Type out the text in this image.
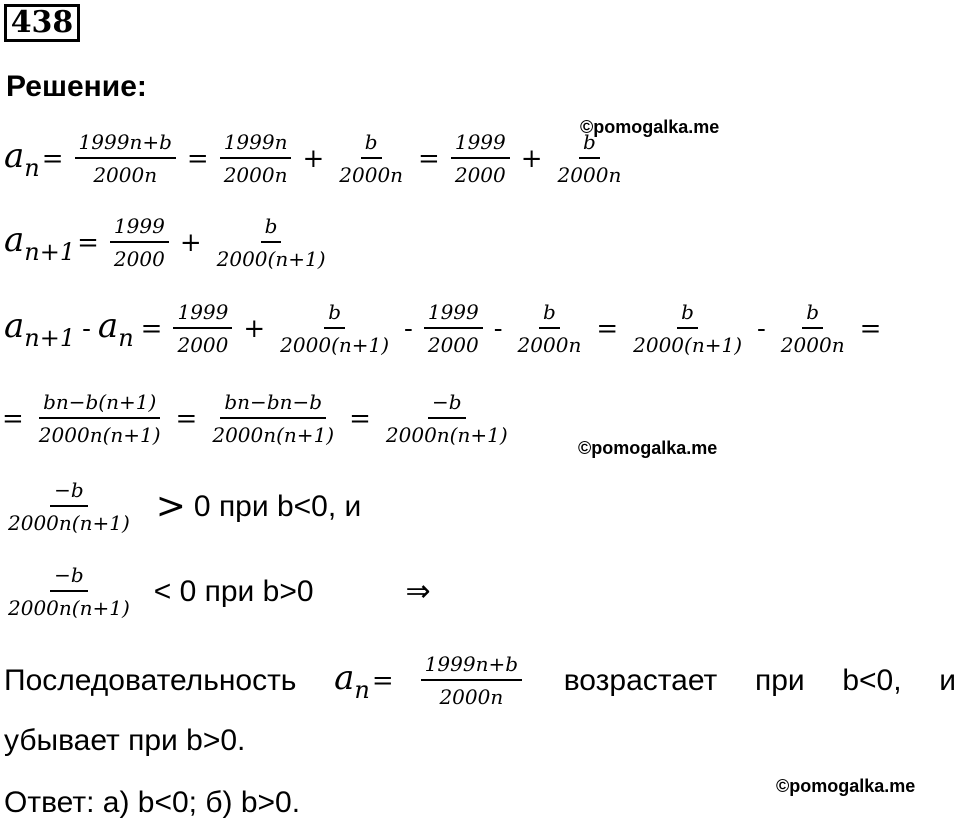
438
Решение:
©pomogalka.me
©pomogalka.me
©pomogalka.me
$a_n = \frac{1999n+b}{2000n} = \frac{1999n}{2000n} + \frac{b}{2000n} = \frac{1999}{2000} + \frac{b}{2000n}$
$a_{n+1} = \frac{1999}{2000} + \frac{b}{2000(n+1)}$
$a_{n+1} - a_n = \frac{1999}{2000} + \frac{b}{2000(n+1)} - \frac{1999}{2000} - \frac{b}{2000n} = \frac{b}{2000(n+1)} - \frac{b}{2000n}$ =
= $\frac{bn-b(n+1)}{2000n(n+1)} = \frac{bn-bn-b}{2000n(n+1)} = \frac{-b}{2000n(n+1)}$
$\frac{-b}{2000n(n+1)} > 0$ при b<0, и
$\frac{-b}{2000n(n+1)} < 0$ при b>0	⇒
Последовательность $a_n = \frac{1999n+b}{2000n}$ возрастает при b<0, и
убывает при b>0.
Ответ: а) b<0; б) b>0.
